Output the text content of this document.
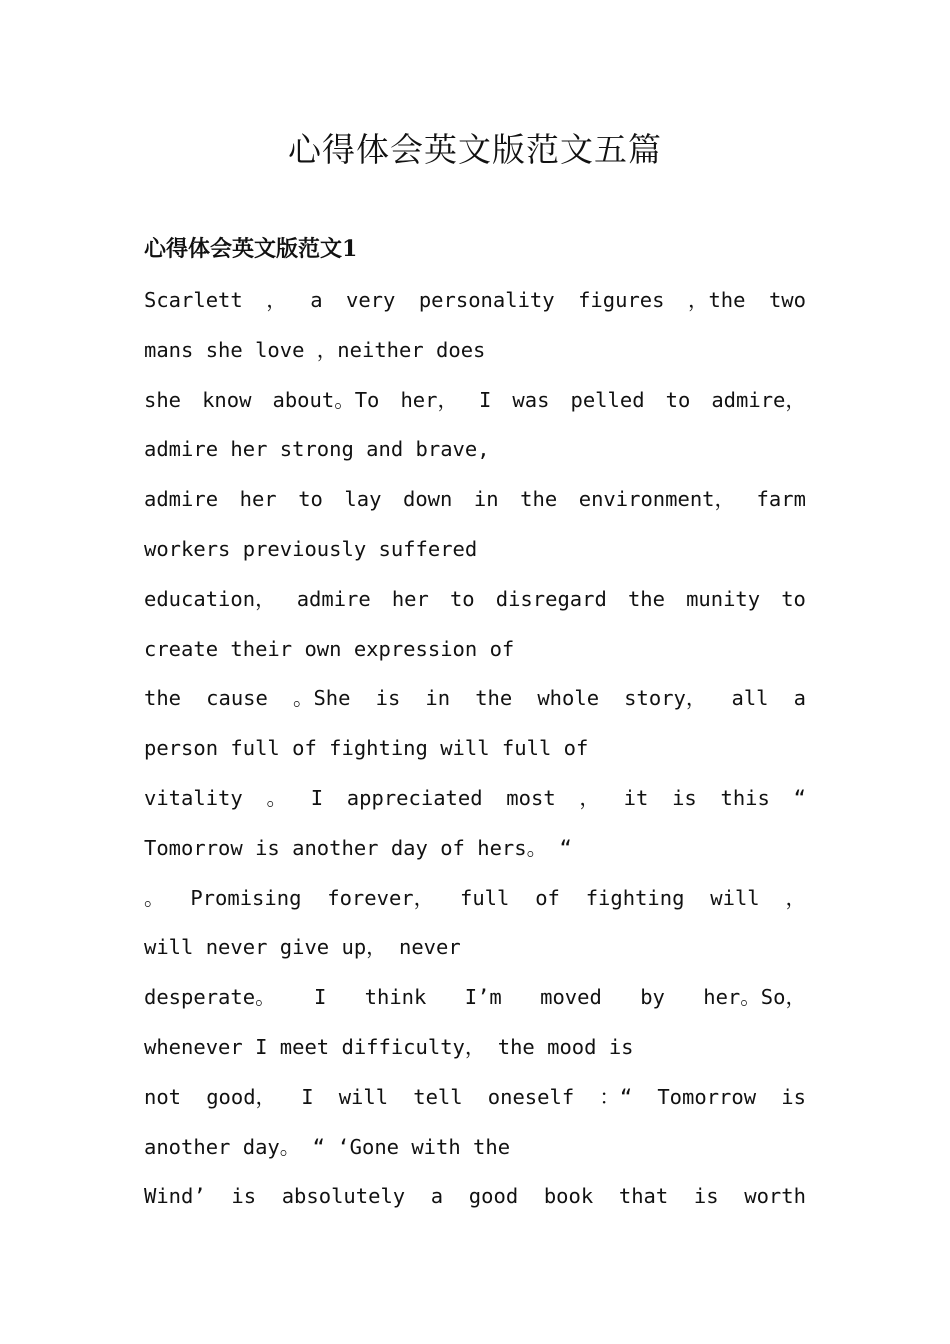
心得体会英文版范文五篇
心得体会英文版范文1
Scarlett ， a very personality figures ，the two
mans she love ，neither does
she know about。To her， I was pelled to admire，
admire her strong and brave,
admire her to lay down in the environment， farm
workers previously suffered
education， admire her to disregard the munity to
create their own expression of
the cause 。She is in the whole story， all a
person full of fighting will full of
vitality 。 I appreciated most ， it is this “
Tomorrow is another day of hers。 “
。 Promising forever， full of fighting will ，
will never give up， never
desperate。 I think I’m moved by her。So，
whenever I meet difficulty， the mood is
not good， I will tell oneself ：“ Tomorrow is
another day。 “ ‘Gone with the
Wind’ is absolutely a good book that is worth
